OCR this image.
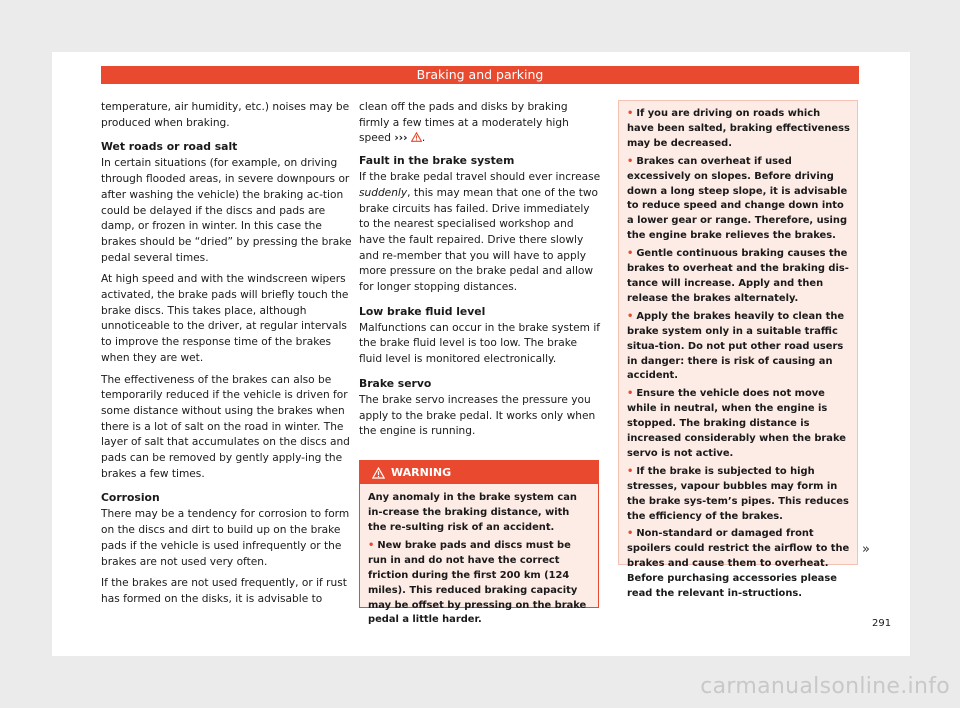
Braking and parking

temperature, air humidity, etc.) noises may be produced when braking.

Wet roads or road salt

In certain situations (for example, on driving through flooded areas, in severe downpours or after washing the vehicle) the braking ac-tion could be delayed if the discs and pads are damp, or frozen in winter. In this case the brakes should be “dried” by pressing the brake pedal several times.

At high speed and with the windscreen wipers activated, the brake pads will briefly touch the brake discs. This takes place, although unnoticeable to the driver, at regular intervals to improve the response time of the brakes when they are wet.

The effectiveness of the brakes can also be temporarily reduced if the vehicle is driven for some distance without using the brakes when there is a lot of salt on the road in winter. The layer of salt that accumulates on the discs and pads can be removed by gently apply-ing the brakes a few times.

Corrosion

There may be a tendency for corrosion to form on the discs and dirt to build up on the brake pads if the vehicle is used infrequently or the brakes are not used very often.

If the brakes are not used frequently, or if rust has formed on the disks, it is advisable to

clean off the pads and disks by braking firmly a few times at a moderately high speed ››› .

Fault in the brake system

If the brake pedal travel should ever increase suddenly, this may mean that one of the two brake circuits has failed. Drive immediately to the nearest specialised workshop and have the fault repaired. Drive there slowly and re-member that you will have to apply more pressure on the brake pedal and allow for longer stopping distances.

Low brake fluid level

Malfunctions can occur in the brake system if the brake fluid level is too low. The brake fluid level is monitored electronically.

Brake servo

The brake servo increases the pressure you apply to the brake pedal. It works only when the engine is running.

WARNING

Any anomaly in the brake system can in-crease the braking distance, with the re-sulting risk of an accident.

• New brake pads and discs must be run in and do not have the correct friction during the first 200 km (124 miles). This reduced braking capacity may be offset by pressing on the brake pedal a little harder.

• If you are driving on roads which have been salted, braking effectiveness may be decreased.

• Brakes can overheat if used excessively on slopes. Before driving down a long steep slope, it is advisable to reduce speed and change down into a lower gear or range. Therefore, using the engine brake relieves the brakes.

• Gentle continuous braking causes the brakes to overheat and the braking dis-tance will increase. Apply and then release the brakes alternately.

• Apply the brakes heavily to clean the brake system only in a suitable traffic situa-tion. Do not put other road users in danger: there is risk of causing an accident.

• Ensure the vehicle does not move while in neutral, when the engine is stopped. The braking distance is increased considerably when the brake servo is not active.

• If the brake is subjected to high stresses, vapour bubbles may form in the brake sys-tem’s pipes. This reduces the efficiency of the brakes.

• Non-standard or damaged front spoilers could restrict the airflow to the brakes and cause them to overheat. Before purchasing accessories please read the relevant in-structions.

»
291
carmanualsonline.info
